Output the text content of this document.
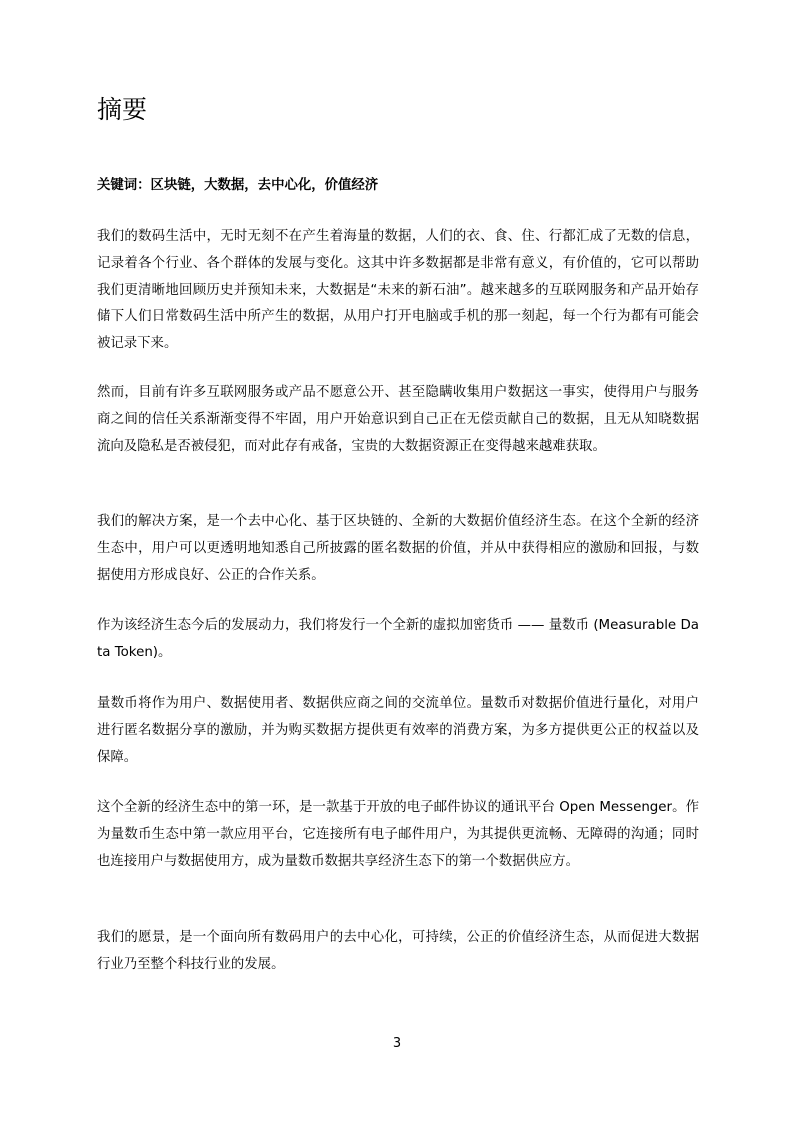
摘要

关键词：区块链，大数据，去中心化，价值经济

我们的数码生活中，无时无刻不在产生着海量的数据，人们的衣、食、住、行都汇成了无数的信息，记录着各个行业、各个群体的发展与变化。这其中许多数据都是非常有意义，有价值的，它可以帮助我们更清晰地回顾历史并预知未来，大数据是“未来的新石油”。越来越多的互联网服务和产品开始存储下人们日常数码生活中所产生的数据，从用户打开电脑或手机的那一刻起，每一个行为都有可能会被记录下来。

然而，目前有许多互联网服务或产品不愿意公开、甚至隐瞒收集用户数据这一事实，使得用户与服务商之间的信任关系渐渐变得不牢固，用户开始意识到自己正在无偿贡献自己的数据，且无从知晓数据流向及隐私是否被侵犯，而对此存有戒备，宝贵的大数据资源正在变得越来越难获取。

我们的解决方案，是一个去中心化、基于区块链的、全新的大数据价值经济生态。在这个全新的经济生态中，用户可以更透明地知悉自己所披露的匿名数据的价值，并从中获得相应的激励和回报，与数据使用方形成良好、公正的合作关系。

作为该经济生态今后的发展动力，我们将发行一个全新的虚拟加密货币 —— 量数币 (Measurable Data Token)。

量数币将作为用户、数据使用者、数据供应商之间的交流单位。量数币对数据价值进行量化，对用户进行匿名数据分享的激励，并为购买数据方提供更有效率的消费方案，为多方提供更公正的权益以及保障。

这个全新的经济生态中的第一环，是一款基于开放的电子邮件协议的通讯平台 Open Messenger。作为量数币生态中第一款应用平台，它连接所有电子邮件用户，为其提供更流畅、无障碍的沟通；同时也连接用户与数据使用方，成为量数币数据共享经济生态下的第一个数据供应方。

我们的愿景，是一个面向所有数码用户的去中心化，可持续，公正的价值经济生态，从而促进大数据行业乃至整个科技行业的发展。

3
